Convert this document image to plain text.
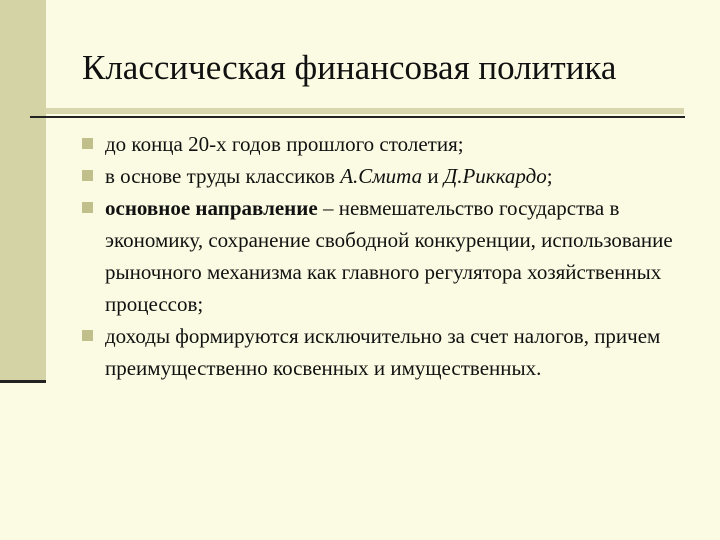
Классическая финансовая политика
до конца 20-х годов прошлого столетия;
в основе труды классиков А.Смита и Д.Риккардо;
основное направление – невмешательство государства в экономику, сохранение свободной конкуренции, использование рыночного механизма как главного регулятора хозяйственных процессов;
доходы формируются исключительно за счет налогов, причем преимущественно косвенных и имущественных.
